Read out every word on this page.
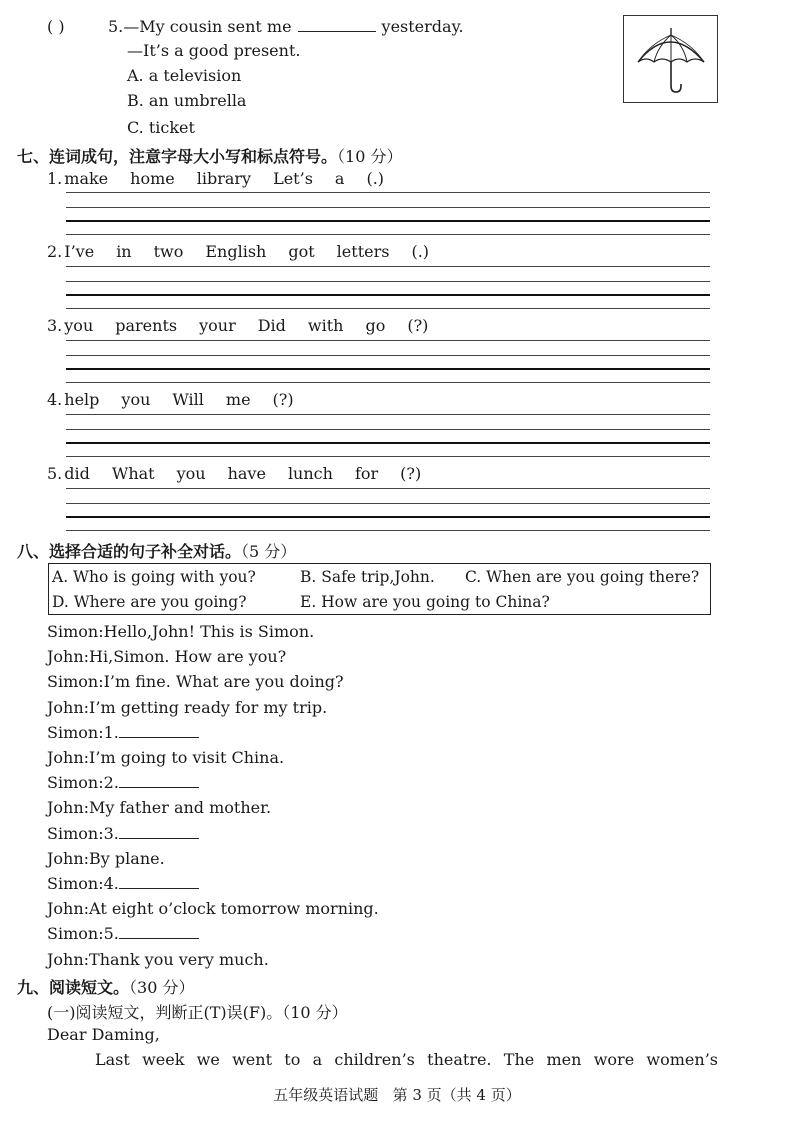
( )	5.—My cousin sent me	yesterday.
—It’s a good present.
A. a television
B. an umbrella
C. ticket
七、连词成句，注意字母大小写和标点符号。（10 分）
1. make home library Let’s a (.)
2. I’ve in two English got letters (.)
3. you parents your Did with go (?)
4. help you Will me (?)
5. did What you have lunch for (?)
八、选择合适的句子补全对话。（5 分）
A. Who is going with you?	B. Safe trip,John. C. When are you going there?
D. Where are you going?	E. How are you going to China?
Simon:Hello,John! This is Simon.
John:Hi,Simon. How are you?
Simon:I’m fine. What are you doing?
John:I’m getting ready for my trip.
Simon:1.
John:I’m going to visit China.
Simon:2.
John:My father and mother.
Simon:3.
John:By plane.
Simon:4.
John:At eight o’clock tomorrow morning.
Simon:5.
John:Thank you very much.
九、阅读短文。（30 分）
(一)阅读短文，判断正(T)误(F)。（10 分）
Dear Daming,
Last week we went to a children’s theatre. The men wore women’s
五年级英语试题   第 3 页（共 4 页）
